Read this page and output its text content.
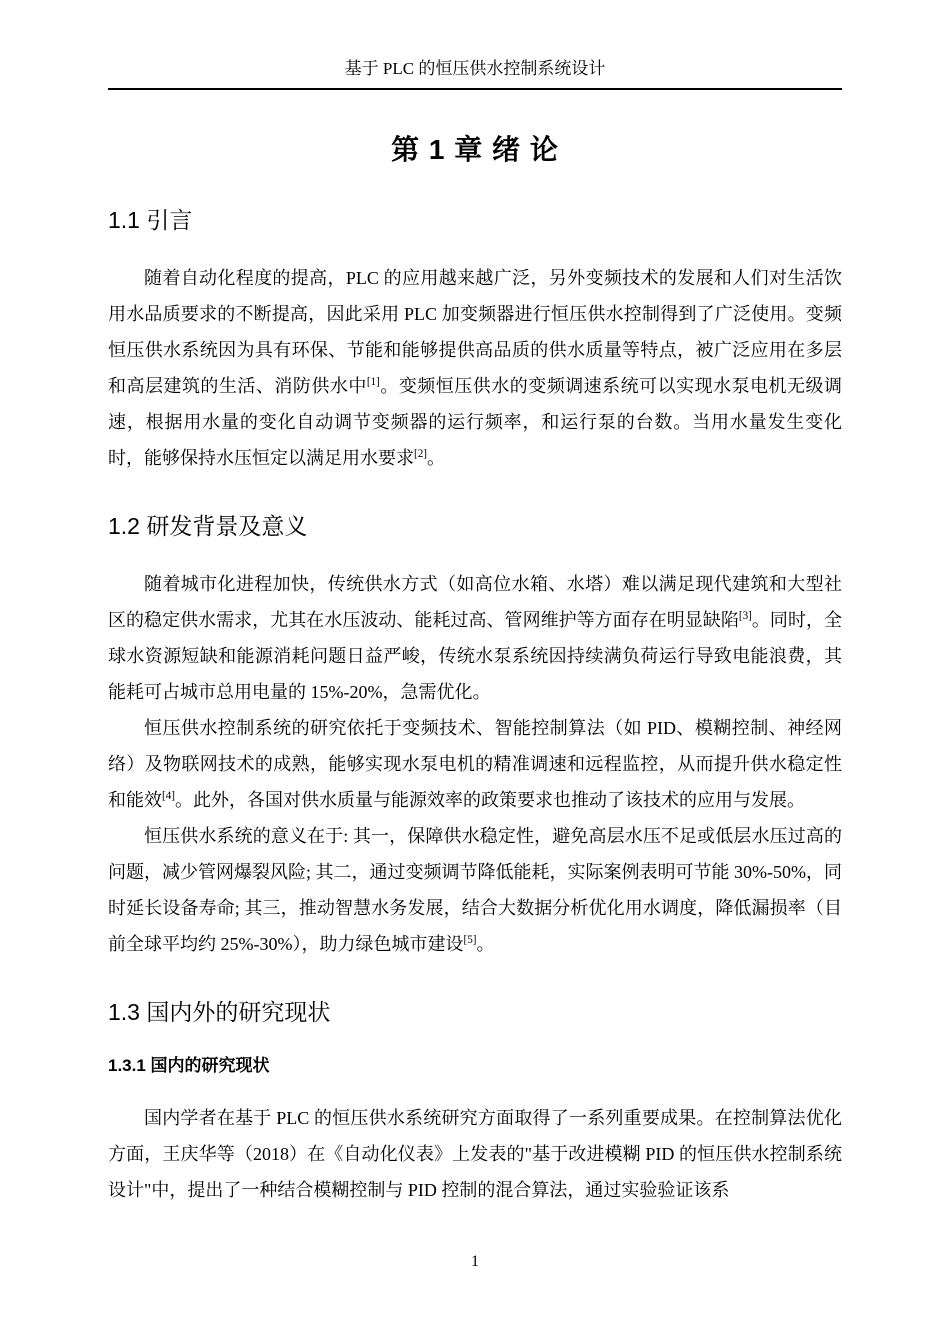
基于 PLC 的恒压供水控制系统设计
第 1 章 绪 论
1.1 引言

随着自动化程度的提高，PLC 的应用越来越广泛，另外变频技术的发展和人们对生活饮用水品质要求的不断提高，因此采用 PLC 加变频器进行恒压供水控制得到了广泛使用。变频恒压供水系统因为具有环保、节能和能够提供高品质的供水质量等特点，被广泛应用在多层和高层建筑的生活、消防供水中[1]。变频恒压供水的变频调速系统可以实现水泵电机无级调速，根据用水量的变化自动调节变频器的运行频率，和运行泵的台数。当用水量发生变化时，能够保持水压恒定以满足用水要求[2]。

1.2 研发背景及意义

随着城市化进程加快，传统供水方式（如高位水箱、水塔）难以满足现代建筑和大型社区的稳定供水需求，尤其在水压波动、能耗过高、管网维护等方面存在明显缺陷[3]。同时，全球水资源短缺和能源消耗问题日益严峻，传统水泵系统因持续满负荷运行导致电能浪费，其能耗可占城市总用电量的 15%-20%，急需优化。

恒压供水控制系统的研究依托于变频技术、智能控制算法（如 PID、模糊控制、神经网络）及物联网技术的成熟，能够实现水泵电机的精准调速和远程监控，从而提升供水稳定性和能效[4]。此外，各国对供水质量与能源效率的政策要求也推动了该技术的应用与发展。

恒压供水系统的意义在于: 其一，保障供水稳定性，避免高层水压不足或低层水压过高的问题，减少管网爆裂风险; 其二，通过变频调节降低能耗，实际案例表明可节能 30%-50%，同时延长设备寿命; 其三，推动智慧水务发展，结合大数据分析优化用水调度，降低漏损率（目前全球平均约 25%-30%），助力绿色城市建设[5]。

1.3 国内外的研究现状
1.3.1 国内的研究现状

国内学者在基于 PLC 的恒压供水系统研究方面取得了一系列重要成果。在控制算法优化方面，王庆华等（2018）在《自动化仪表》上发表的"基于改进模糊 PID 的恒压供水控制系统设计"中，提出了一种结合模糊控制与 PID 控制的混合算法，通过实验验证该系

1
